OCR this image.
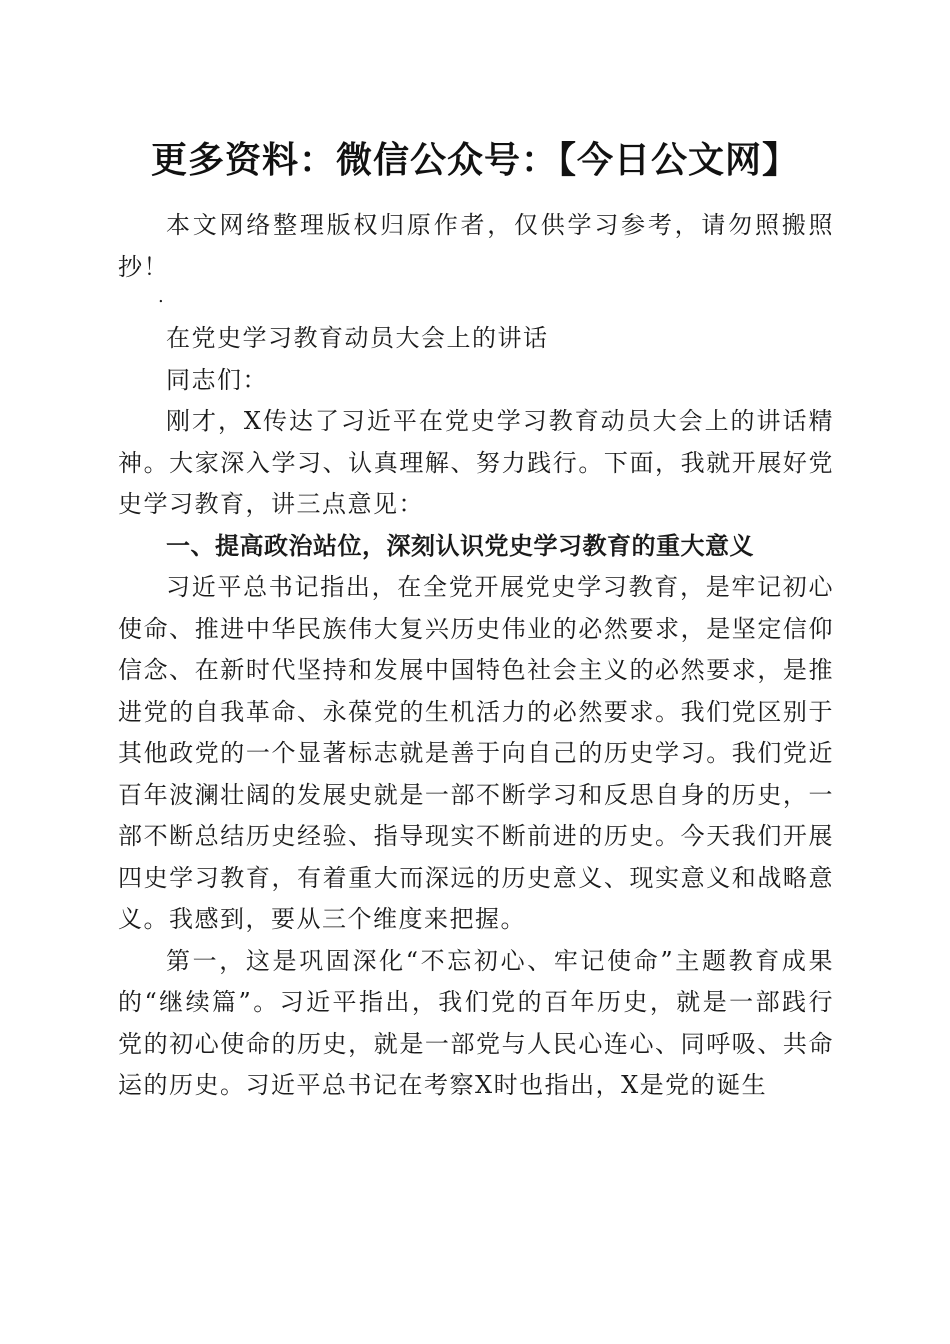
更多资料：微信公众号：【今日公文网】

本文网络整理版权归原作者，仅供学习参考，请勿照搬照抄！

.

在党史学习教育动员大会上的讲话

同志们：

刚才，X传达了习近平在党史学习教育动员大会上的讲话精神。大家深入学习、认真理解、努力践行。下面，我就开展好党史学习教育，讲三点意见：

一、提高政治站位，深刻认识党史学习教育的重大意义

习近平总书记指出，在全党开展党史学习教育，是牢记初心使命、推进中华民族伟大复兴历史伟业的必然要求，是坚定信仰信念、在新时代坚持和发展中国特色社会主义的必然要求，是推进党的自我革命、永葆党的生机活力的必然要求。我们党区别于其他政党的一个显著标志就是善于向自己的历史学习。我们党近百年波澜壮阔的发展史就是一部不断学习和反思自身的历史，一部不断总结历史经验、指导现实不断前进的历史。今天我们开展四史学习教育，有着重大而深远的历史意义、现实意义和战略意义。我感到，要从三个维度来把握。

第一，这是巩固深化“不忘初心、牢记使命”主题教育成果的“继续篇”。习近平指出，我们党的百年历史，就是一部践行党的初心使命的历史，就是一部党与人民心连心、同呼吸、共命运的历史。习近平总书记在考察X时也指出，X是党的诞生
